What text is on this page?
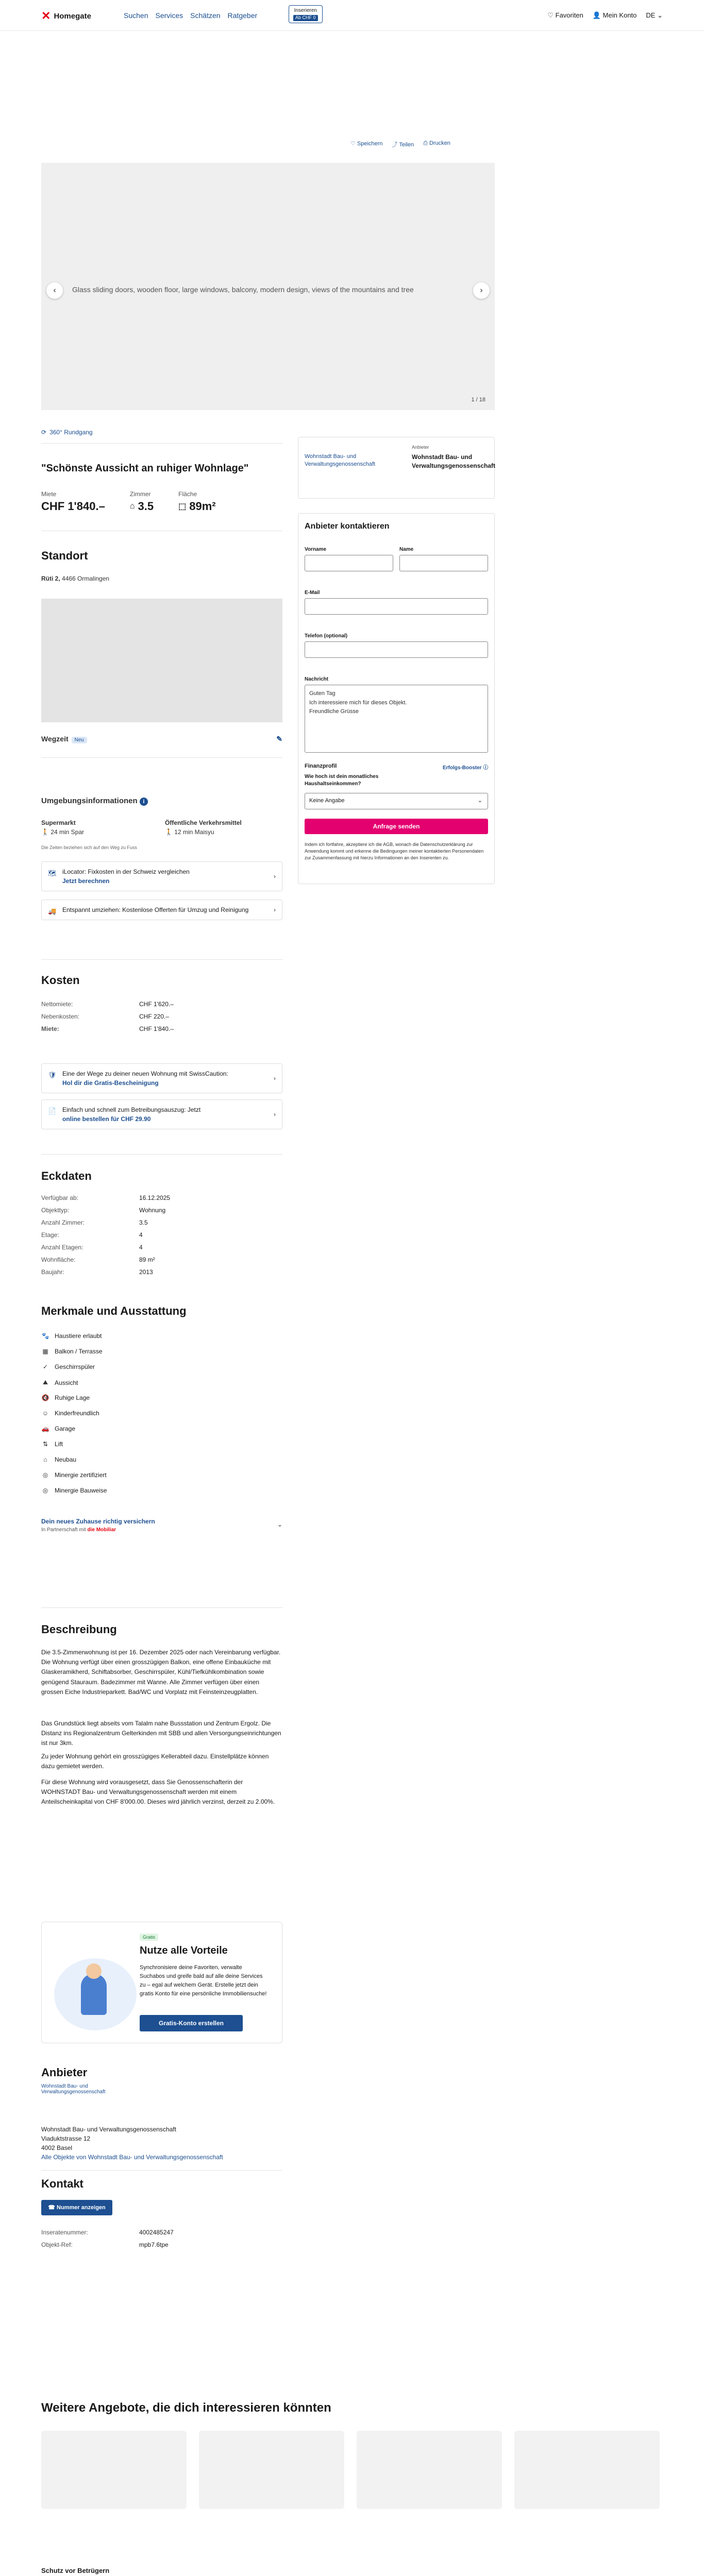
✕ Homegate	Suchen Services Schätzen Ratgeber
Inserieren
Ab CHF 0	♡ Favoriten 👤 Mein Konto DE ⌄
♡ Speichern ⤴ Teilen ⎙ Drucken
‹ Glass sliding doors, wooden floor, large windows, balcony, modern design, views of the mountains and tree	›
1 / 18
⟳ 360° Rundgang
"Schönste Aussicht an ruhiger Wohnlage"
Miete
CHF 1'840.–
Zimmer
⌂ 3.5
Fläche
⬚ 89m²
Standort
Rüti 2, 4466 Ormalingen
Wegzeit Neu	✎
Umgebungsinformationen i
Supermarkt
🚶 24 min Spar
Öffentliche Verkehrsmittel
🚶 12 min Maisyu
Die Zeiten beziehen sich auf den Weg zu Fuss
🗺 iLocator: Fixkosten in der Schweiz vergleichen
Jetzt berechnen
›
🚚 Entspannt umziehen: Kostenlose Offerten für Umzug und Reinigung	›
Kosten
Nettomiete:	CHF 1'620.–
Nebenkosten:	CHF 220.–
Miete:	CHF 1'840.–
🛡 Eine der Wege zu deiner neuen Wohnung mit SwissCaution:
Hol dir die Gratis-Bescheinigung
›
📄 Einfach und schnell zum Betreibungsauszug: Jetzt
online bestellen für CHF 29.90
›
Eckdaten
Verfügbar ab:	16.12.2025
Objekttyp:	Wohnung
Anzahl Zimmer:	3.5
Etage:	4
Anzahl Etagen:	4
Wohnfläche:	89 m²
Baujahr:	2013
Merkmale und Ausstattung
🐾 Haustiere erlaubt
▦ Balkon / Terrasse
✓ Geschirrspüler
⛰ Aussicht
🔇 Ruhige Lage
☺ Kinderfreundlich
🚗 Garage
⇅ Lift
⌂	Neubau
◎ Minergie zertifiziert
◎ Minergie Bauweise
Dein neues Zuhause richtig versichern	⌄
In Partnerschaft mit die Mobiliar
Beschreibung
Die 3.5-Zimmerwohnung ist per 16. Dezember 2025 oder nach Vereinbarung verfügbar. Die Wohnung verfügt über einen grosszügigen Balkon, eine offene Einbauküche mit Glaskeramikherd, Schiftabsorber, Geschirrspüler, Kühl/Tiefkühlkombination sowie genügend Stauraum. Badezimmer mit Wanne. Alle Zimmer verfügen über einen grossen Eiche Industrieparkett. Bad/WC und Vorplatz mit Feinsteinzeugplatten.
Das Grundstück liegt abseits vom Talalm nahe Bussstation und Zentrum Ergolz. Die Distanz ins Regionalzentrum Gelterkinden mit SBB und allen Versorgungseinrichtungen ist nur 3km.
Zu jeder Wohnung gehört ein grosszügiges Kellerabteil dazu. Einstellplätze können dazu gemietet werden.
Für diese Wohnung wird vorausgesetzt, dass Sie Genossenschafterin der WOHNSTADT Bau- und Verwaltungsgenossenschaft werden mit einem Anteilscheinkapital von CHF 8'000.00. Dieses wird jährlich verzinst, derzeit zu 2.00%.
Gratis
Nutze alle Vorteile
Synchronisiere deine Favoriten, verwalte Suchabos und greife bald auf alle deine Services zu – egal auf welchem Gerät. Erstelle jetzt dein gratis Konto für eine persönliche Immobiliensuche!
Gratis-Konto erstellen
Anbieter
Wohnstadt Bau- und Verwaltungsgenossenschaft
Wohnstadt Bau- und Verwaltungsgenossenschaft
Viaduktstrasse 12
4002 Basel
Alle Objekte von Wohnstadt Bau- und Verwaltungsgenossenschaft
Kontakt
☎ Nummer anzeigen
Inseratenummer:	4002485247
Objekt-Ref:	mpb7.6tpe
Wohnstadt Bau- und Verwaltungsgenossenschaft
Anbieter
Wohnstadt Bau- und Verwaltungsgenossenschaft
Anbieter kontaktieren
Vorname	Name
E-Mail
Telefon (optional)
Nachricht
Guten Tag
Ich interessiere mich für dieses Objekt.
Freundliche Grüsse
Finanzprofil	Erfolgs-Booster ⓘ
Wie hoch ist dein monatliches Haushaltseinkommen?
Keine Angabe	⌄
Anfrage senden
Indem ich fortfahre, akzeptiere ich die AGB, wonach die Datenschutzerklärung zur Anwendung kommt und erkenne die Bedingungen meiner kontaktierten Personendaten zur Zusammenfassung mit hierzu Informationen an den Inserenten zu.
Weitere Angebote, die dich interessieren könnten
Schutz vor Betrügern
